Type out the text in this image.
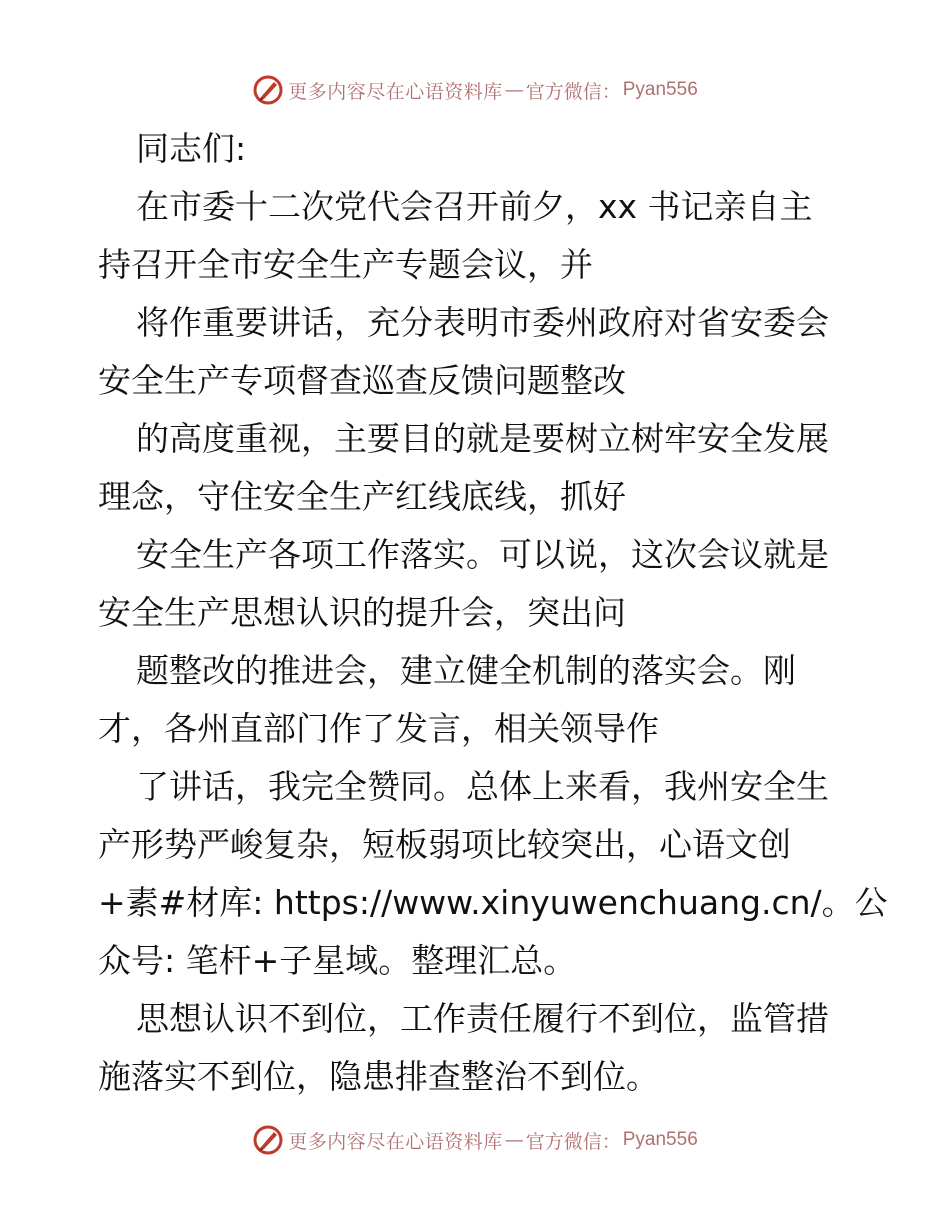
更多内容尽在心语资料库 — 官方微信： Pyan556
同志们:
在市委十二次党代会召开前夕，xx 书记亲自主
持召开全市安全生产专题会议，并
将作重要讲话，充分表明市委州政府对省安委会
安全生产专项督查巡查反馈问题整改
的高度重视，主要目的就是要树立树牢安全发展
理念，守住安全生产红线底线，抓好
安全生产各项工作落实。可以说，这次会议就是
安全生产思想认识的提升会，突出问
题整改的推进会，建立健全机制的落实会。刚
才，各州直部门作了发言，相关领导作
了讲话，我完全赞同。总体上来看，我州安全生
产形势严峻复杂，短板弱项比较突出，心语文创
+素#材库: https://www.xinyuwenchuang.cn/。公
众号: 笔杆+子星域。整理汇总。
思想认识不到位，工作责任履行不到位，监管措
施落实不到位，隐患排查整治不到位。
更多内容尽在心语资料库 — 官方微信： Pyan556
